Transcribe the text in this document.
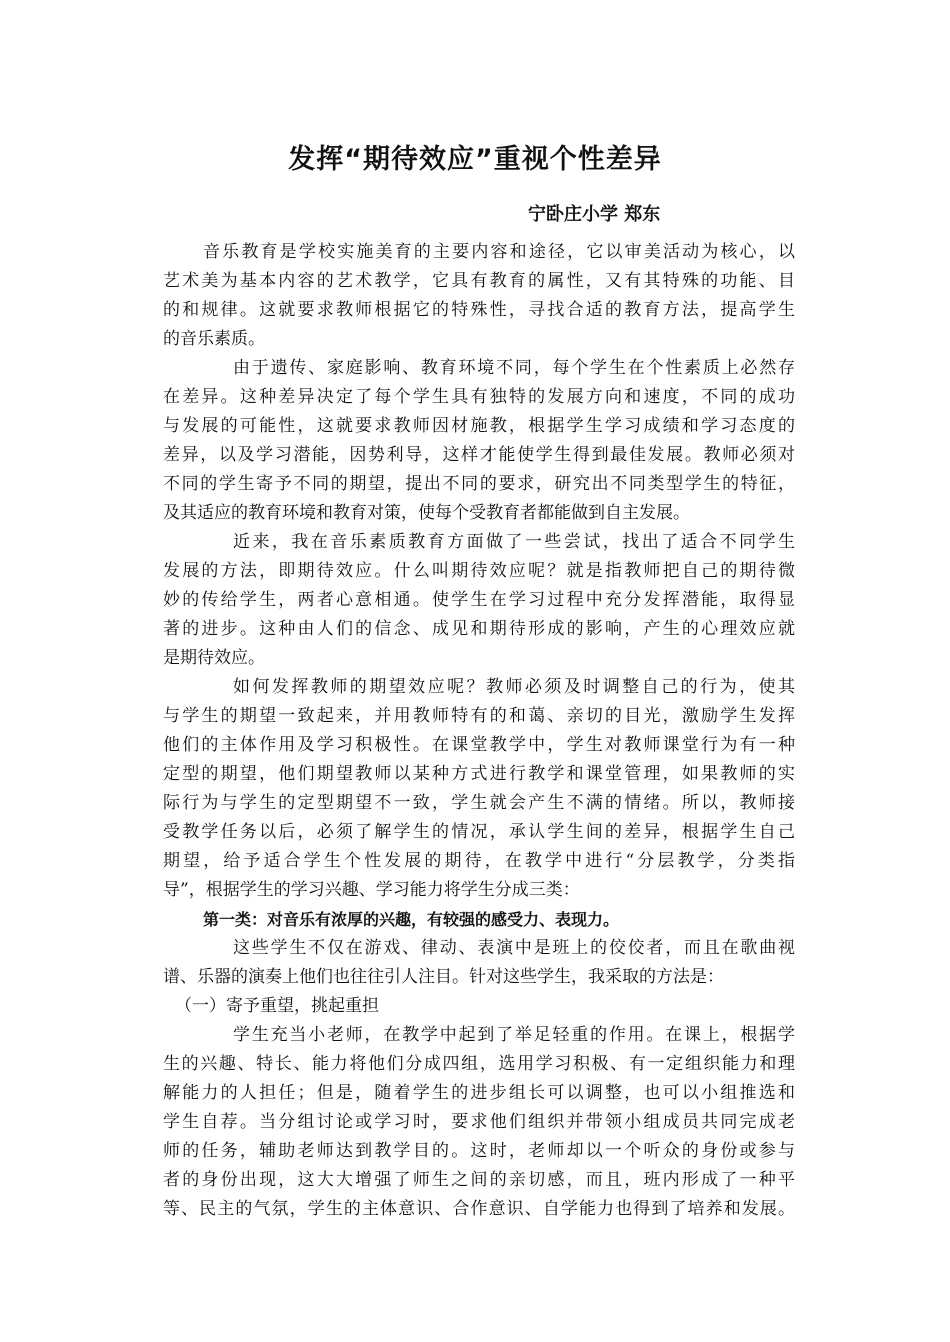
发挥“期待效应”重视个性差异

宁卧庄小学 郑东

音乐教育是学校实施美育的主要内容和途径，它以审美活动为核心，以
艺术美为基本内容的艺术教学，它具有教育的属性，又有其特殊的功能、目
的和规律。这就要求教师根据它的特殊性，寻找合适的教育方法，提高学生
的音乐素质。
由于遗传、家庭影响、教育环境不同，每个学生在个性素质上必然存
在差异。这种差异决定了每个学生具有独特的发展方向和速度，不同的成功
与发展的可能性，这就要求教师因材施教，根据学生学习成绩和学习态度的
差异，以及学习潜能，因势利导，这样才能使学生得到最佳发展。教师必须对
不同的学生寄予不同的期望，提出不同的要求，研究出不同类型学生的特征，
及其适应的教育环境和教育对策，使每个受教育者都能做到自主发展。
近来，我在音乐素质教育方面做了一些尝试，找出了适合不同学生
发展的方法，即期待效应。什么叫期待效应呢？就是指教师把自己的期待微
妙的传给学生，两者心意相通。使学生在学习过程中充分发挥潜能，取得显
著的进步。这种由人们的信念、成见和期待形成的影响，产生的心理效应就
是期待效应。
如何发挥教师的期望效应呢？教师必须及时调整自己的行为，使其
与学生的期望一致起来，并用教师特有的和蔼、亲切的目光，激励学生发挥
他们的主体作用及学习积极性。在课堂教学中，学生对教师课堂行为有一种
定型的期望，他们期望教师以某种方式进行教学和课堂管理，如果教师的实
际行为与学生的定型期望不一致，学生就会产生不满的情绪。所以，教师接
受教学任务以后，必须了解学生的情况，承认学生间的差异，根据学生自己
期望，给予适合学生个性发展的期待，在教学中进行“分层教学，分类指
导”，根据学生的学习兴趣、学习能力将学生分成三类：
第一类：对音乐有浓厚的兴趣，有较强的感受力、表现力。
这些学生不仅在游戏、律动、表演中是班上的佼佼者，而且在歌曲视
谱、乐器的演奏上他们也往往引人注目。针对这些学生，我采取的方法是：
（一）寄予重望，挑起重担
学生充当小老师，在教学中起到了举足轻重的作用。在课上，根据学
生的兴趣、特长、能力将他们分成四组，选用学习积极、有一定组织能力和理
解能力的人担任；但是，随着学生的进步组长可以调整，也可以小组推选和
学生自荐。当分组讨论或学习时，要求他们组织并带领小组成员共同完成老
师的任务，辅助老师达到教学目的。这时，老师却以一个听众的身份或参与
者的身份出现，这大大增强了师生之间的亲切感，而且，班内形成了一种平
等、民主的气氛，学生的主体意识、合作意识、自学能力也得到了培养和发展。
